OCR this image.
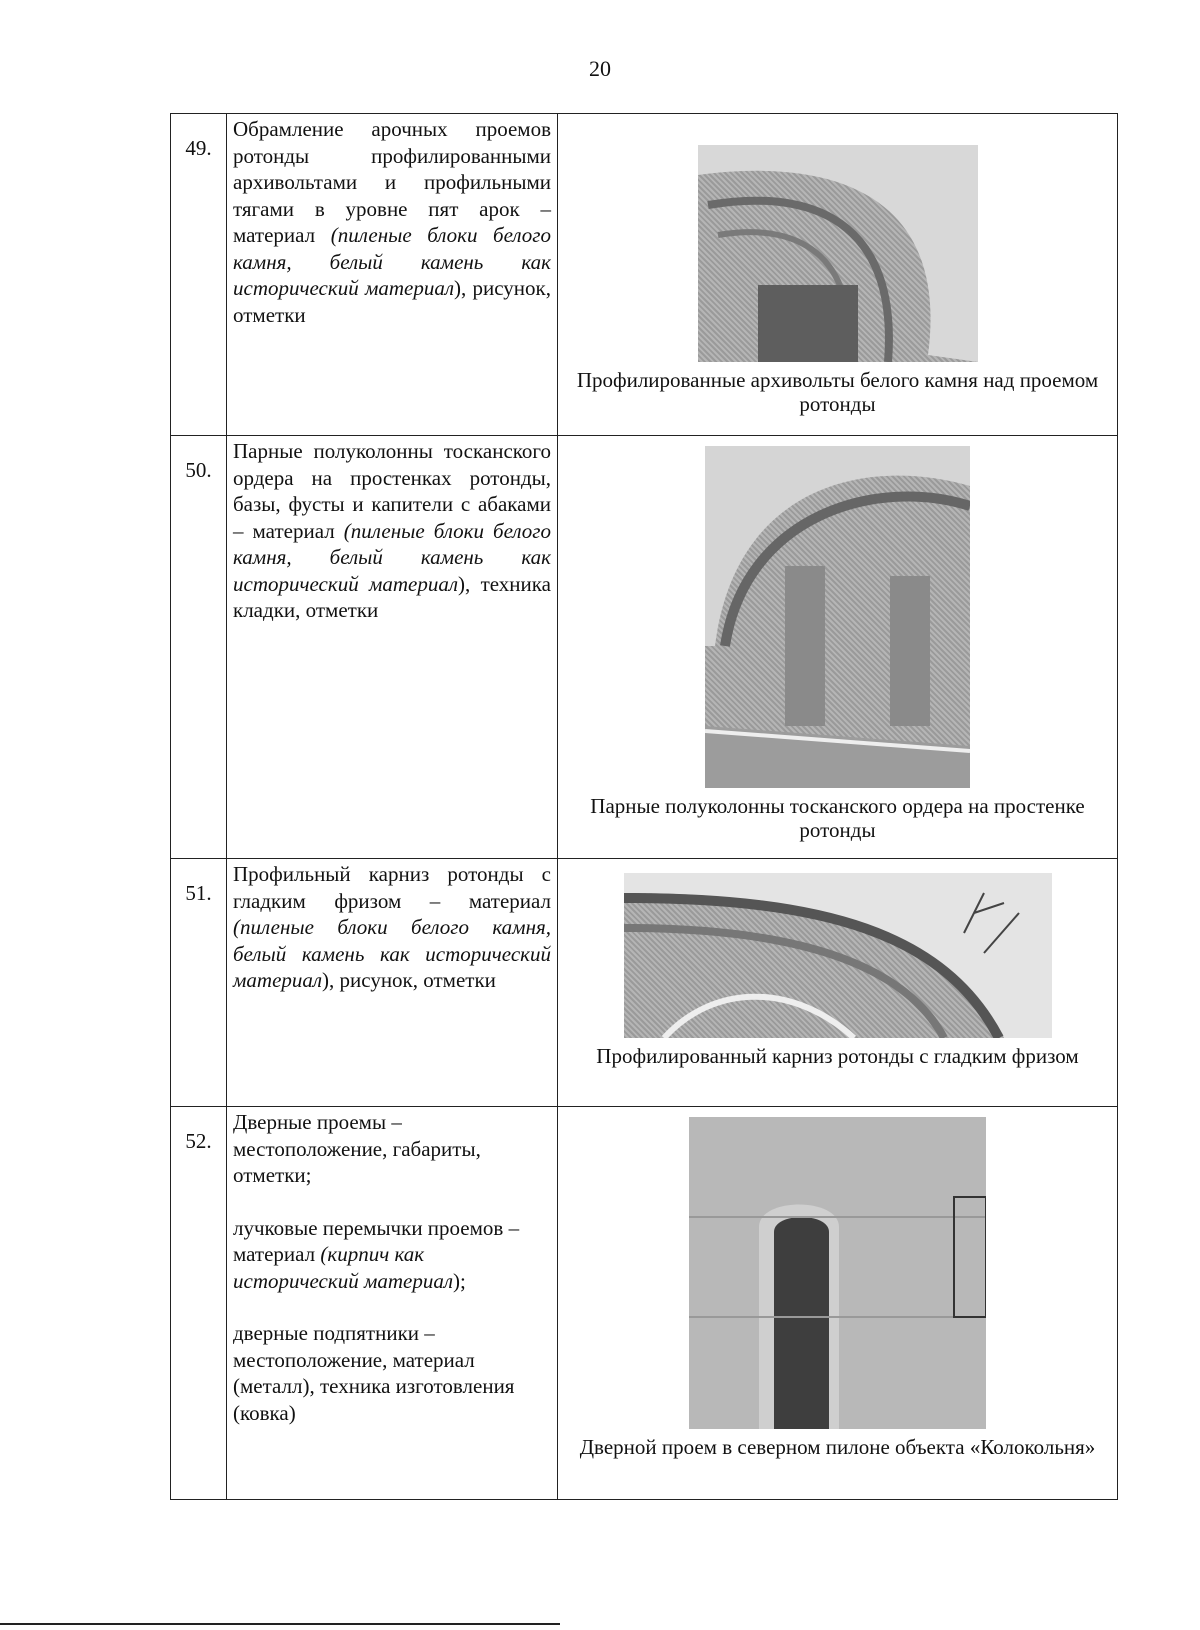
20
49.	Обрамление арочных проемов ротонды профилированными архивольтами и профильными тягами в уровне пят арок – материал (пиленые блоки белого камня, белый камень как исторический материал), рисунок, отметки	Профилированные архивольты белого камня над проемом ротонды

50.	Парные полуколонны тосканского ордера на простенках ротонды, базы, фусты и капители с абаками – материал (пиленые блоки белого камня, белый камень как исторический материал), техника кладки, отметки	Парные полуколонны тосканского ордера на простенке ротонды

51.	Профильный карниз ротонды с гладким фризом – материал (пиленые блоки белого камня, белый камень как исторический материал), рисунок, отметки	Профилированный карниз ротонды с гладким фризом

52.	Дверные проемы – местоположение, габариты, отметки;
лучковые перемычки проемов – материал (кирпич как исторический материал);
дверные подпятники – местоположение, материал (металл), техника изготовления (ковка)	Дверной проем в северном пилоне объекта «Колокольня»
